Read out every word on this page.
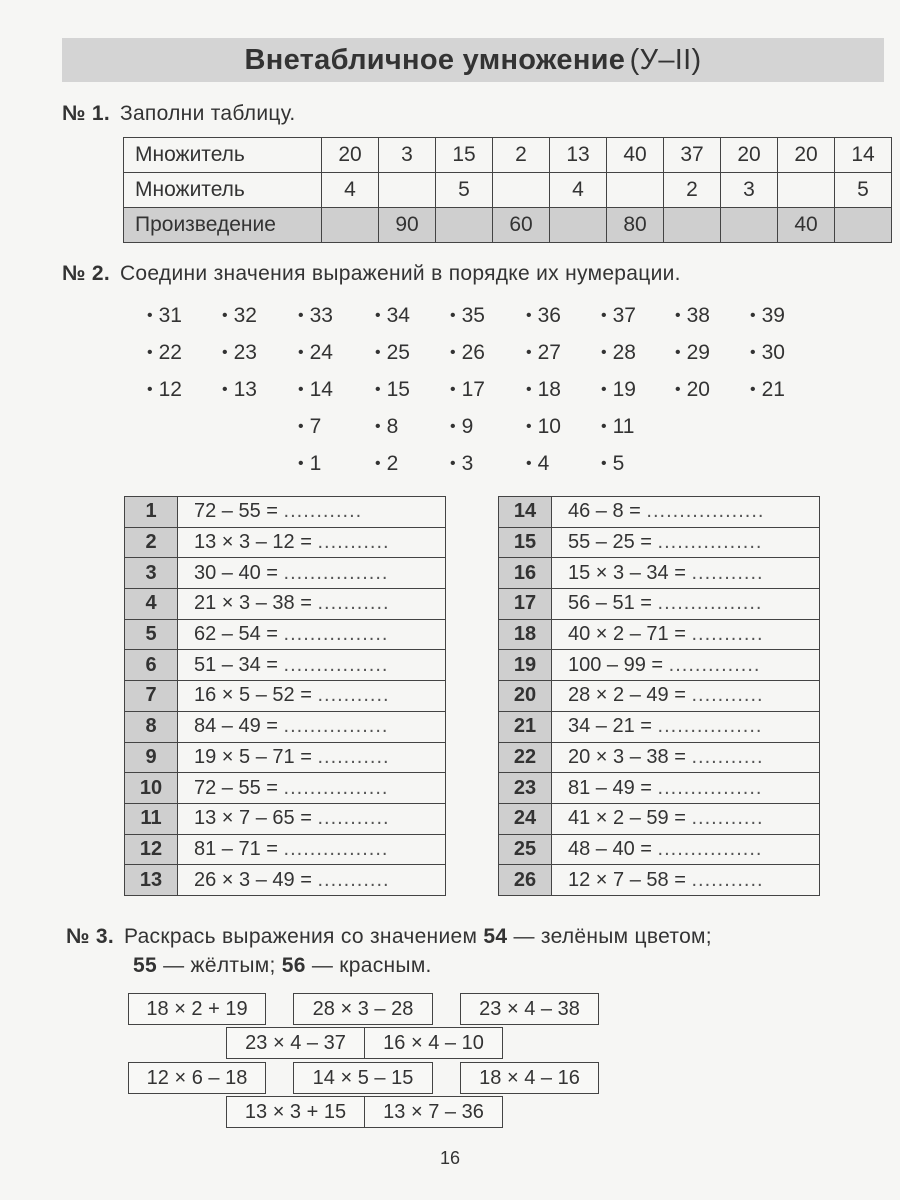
Внетабличное умножение
(У–II)
№ 1. Заполни таблицу.
Множитель	20	3	15	2	13	40	37	20	20	14
Множитель	4		5		4		2	3		5
Произведение		90		60		80			40	
№ 2. Соедини значения выражений в порядке их нумерации.
• 31	• 32	• 33	• 34	• 35	• 36	• 37	• 38	• 39
• 22	• 23	• 24	• 25	• 26	• 27	• 28	• 29	• 30
• 12	• 13	• 14	• 15	• 17	• 18	• 19	• 20	• 21
• 7	• 8	• 9	• 10	• 11
• 1	• 2	• 3	• 4	• 5
1	72 – 55 = ............
2	13 × 3 – 12 = ...........
3	30 – 40 = ................
4	21 × 3 – 38 = ...........
5	62 – 54 = ................
6	51 – 34 = ................
7	16 × 5 – 52 = ...........
8	84 – 49 = ................
9	19 × 5 – 71 = ...........
10	72 – 55 = ................
11	13 × 7 – 65 = ...........
12	81 – 71 = ................
13	26 × 3 – 49 = ...........
14	46 – 8 = ..................
15	55 – 25 = ................
16	15 × 3 – 34 = ...........
17	56 – 51 = ................
18	40 × 2 – 71 = ...........
19	100 – 99 = ..............
20	28 × 2 – 49 = ...........
21	34 – 21 = ................
22	20 × 3 – 38 = ...........
23	81 – 49 = ................
24	41 × 2 – 59 = ...........
25	48 – 40 = ................
26	12 × 7 – 58 = ...........
№ 3. Раскрась выражения со значением 54 — зелёным цветом;
55 — жёлтым; 56 — красным.
18 × 2 + 19	28 × 3 – 28	23 × 4 – 38
23 × 4 – 37	16 × 4 – 10
12 × 6 – 18	14 × 5 – 15	18 × 4 – 16
13 × 3 + 15	13 × 7 – 36
16
